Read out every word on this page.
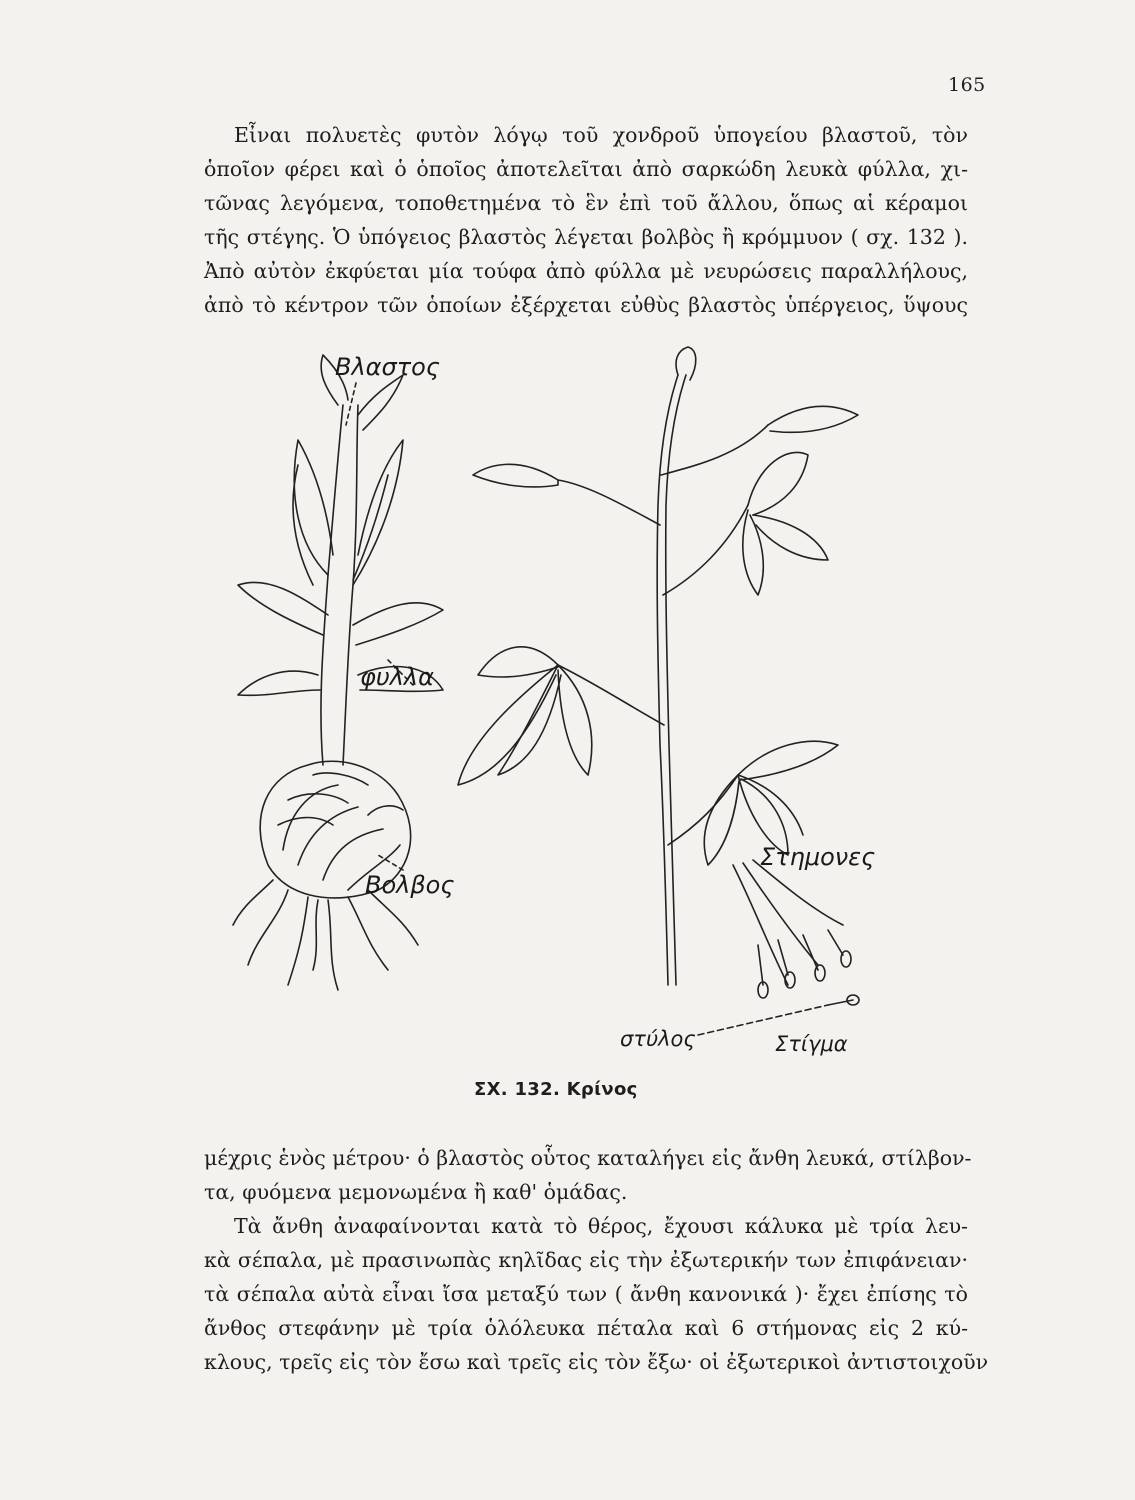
165
Εἶναι πολυετὲς φυτὸν λόγῳ τοῦ χονδροῦ ὑπογείου βλαστοῦ, τὸν
ὁποῖον φέρει καὶ ὁ ὁποῖος ἀποτελεῖται ἀπὸ σαρκώδη λευκὰ φύλλα, χι-
τῶνας λεγόμενα, τοποθετημένα τὸ ἓν ἐπὶ τοῦ ἄλλου, ὅπως αἱ κέραμοι
τῆς στέγης. Ὁ ὑπόγειος βλαστὸς λέγεται βολβὸς ἢ κρόμμυον ( σχ. 132 ).
Ἀπὸ αὐτὸν ἐκφύεται μία τούφα ἀπὸ φύλλα μὲ νευρώσεις παραλλήλους,
ἀπὸ τὸ κέντρον τῶν ὁποίων ἐξέρχεται εὐθὺς βλαστὸς ὑπέργειος, ὕψους
Βλαστος
φυλλα
Βολβος
Στημονες
στύλος	Στίγμα
ΣΧ. 132. Κρίνος
μέχρις ἑνὸς μέτρου· ὁ βλαστὸς οὗτος καταλήγει εἰς ἄνθη λευκά, στίλβον-
τα, φυόμενα μεμονωμένα ἢ καθ' ὁμάδας.
Τὰ ἄνθη ἀναφαίνονται κατὰ τὸ θέρος, ἔχουσι κάλυκα μὲ τρία λευ-
κὰ σέπαλα, μὲ πρασινωπὰς κηλῖδας εἰς τὴν ἐξωτερικήν των ἐπιφάνειαν·
τὰ σέπαλα αὐτὰ εἶναι ἴσα μεταξύ των ( ἄνθη κανονικά )· ἔχει ἐπίσης τὸ
ἄνθος στεφάνην μὲ τρία ὁλόλευκα πέταλα καὶ 6 στήμονας εἰς 2 κύ-
κλους, τρεῖς εἰς τὸν ἔσω καὶ τρεῖς εἰς τὸν ἔξω· οἱ ἐξωτερικοὶ ἀντιστοιχοῦν
